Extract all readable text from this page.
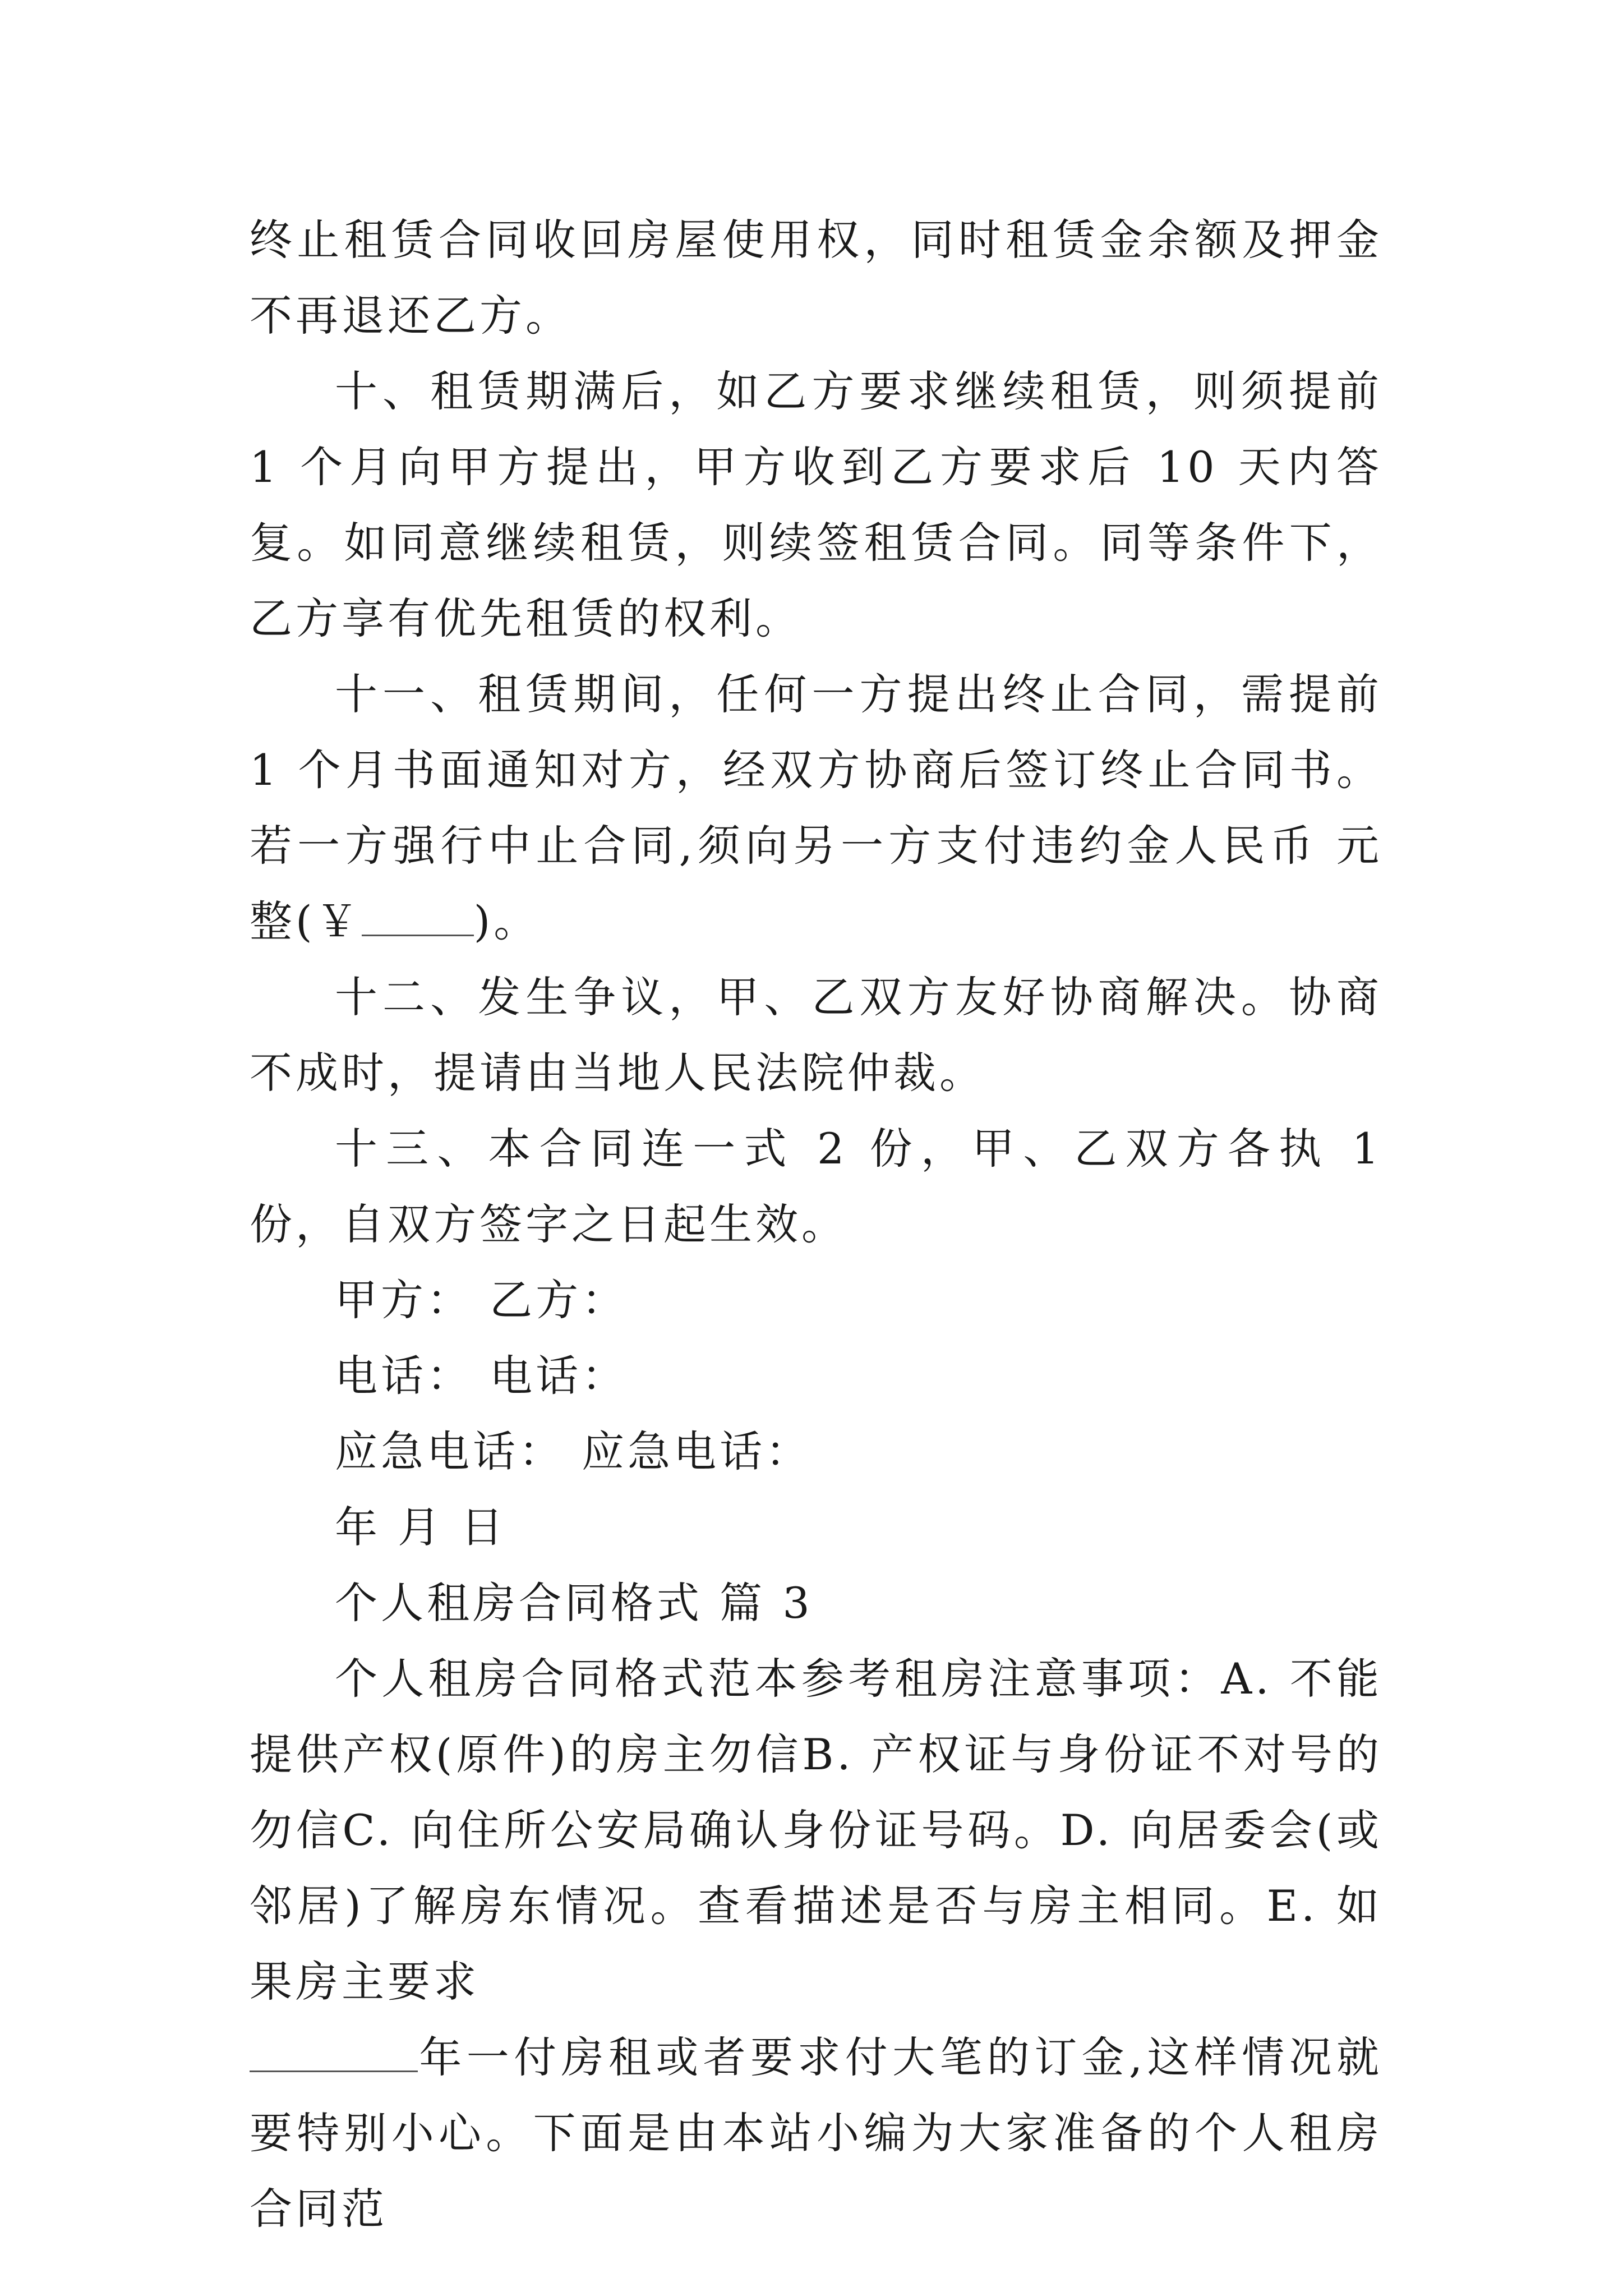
终止租赁合同收回房屋使用权，同时租赁金余额及押金不再退还乙方。

十、租赁期满后，如乙方要求继续租赁，则须提前 1 个月向甲方提出，甲方收到乙方要求后 10 天内答复。如同意继续租赁，则续签租赁合同。同等条件下，乙方享有优先租赁的权利。

十一、租赁期间，任何一方提出终止合同，需提前 1 个月书面通知对方，经双方协商后签订终止合同书。若一方强行中止合同,须向另一方支付违约金人民币 元整(￥	)。

十二、发生争议，甲、乙双方友好协商解决。协商不成时，提请由当地人民法院仲裁。

十三、本合同连一式 2 份，甲、乙双方各执 1 份，自双方签字之日起生效。

甲方： 乙方：

电话： 电话：

应急电话： 应急电话：

年 月 日

个人租房合同格式 篇 3

个人租房合同格式范本参考租房注意事项：A. 不能提供产权(原件)的房主勿信B. 产权证与身份证不对号的勿信C. 向住所公安局确认身份证号码。D. 向居委会(或邻居)了解房东情况。查看描述是否与房主相同。E. 如果房主要求
年一付房租或者要求付大笔的订金,这样情况就要特别小心。下面是由本站小编为大家准备的个人租房合同范
